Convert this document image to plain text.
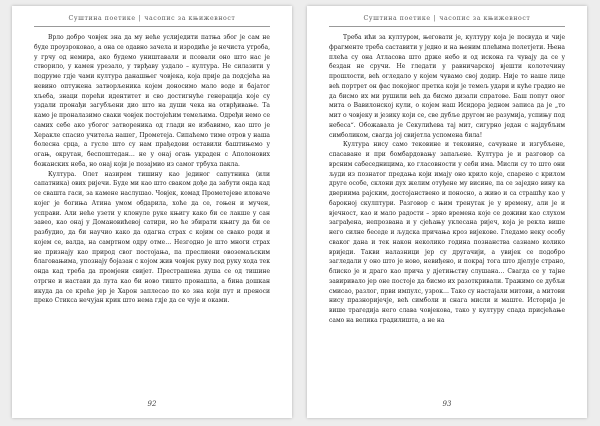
Суштина поетике | часопис за књижевност

Врло добро човјек зна да му неће услиједити патња због је сам не буде проузроковао, а она се одавно зачела и изродиће је нечиста утроба, у грчу од немира, ако будемо уништавали и псовали оно што нас је створило, у камен урезало, у тврђаву уздало – култура. Не силазити у подруме гдје чами култура данашњег човјека, која прије да подсјећа на невино оптужена затворљеника којем доносимо мало воде и бајатог хљеба, знаци порећи идентитет и сво достигнуће генерација које су уздали пронађи загубљени дио што на души чека на отврђивање. Та камо је проналазимо сваки човјек постојећим темељима. Одређи немо се самих себе ако убогог затвореника од глади не избавимо, као што је Херакле спасио учитеља нашег, Прометеја. Сипаћемо тиме отров у наша болесна срца, а гусле што су нам прађедови оставили баштињемо у огањ, окрутан, беспоштедан… не у онај огањ украден с Аполонових божанских неба, но онај који је позајмио из самог трбуха пакла.

Култура. Олет назирем тишину као јединог сапутника (или сапатника) ових ријечи. Буде ми као што сваком дође да забути онда кад се свашта гаси, за камене наслушао. Човјек, комад Прометејеве иловаче којег је богиња Атина умом обдарила, хоће да се, гоњен и мучен, усправи. Али неће узети у клонуле руке књигу како би се лакше у сан завео, као онај у Домановићевој сатири, но ће збирати књигу да би се разбудио, да би научио како да одагна страх с којим се свако роди и којем се, валда, на самртном одру отме… Незгодно је што многи страх не признају као природ свог постојања, па преслиени овоземаљским благовањима, упознају бојазан с којом жив човјек руку под руку хода тек онда кад треба да промјени свијет. Престрашена душа се од тишине отргне и настави да лута као би ново тишто пронашла, а бина дошкан икуда да се креће јер је Харон заплесао по ко зна који пут и преноси преко Стикса нечујан крик што нема гдје да се чује и оками.

92
Суштина поетике | часопис за књижевност

Треба ићи за културом, његовати је, културу која је посвуда и чије фрагменте треба саставити у једно и на њеним плећима полетјети. Њена плећа су она Атласова што држе небо и од искона га чувају да се у бездан не сручи. Не гледати у равничарској вјешти колотечину прошлости, већ огледало у којем чувамо свој додир. Није то наше лице већ портрет он фас покојног претка који је темељ удари и куће градио не да бисмо их ми рушили већ да бисмо дизали спратове. Баш попут оног мита о Вавилонској кули, о којем наш Исидора једном записа да је „то мит о човјеку и језику који се, све дубље другом не разумија, успињу под небеса“. Обожавала је Секулићева тај мит, сигурно један с најдубљим симболиком, свагда јој свијетла успомена била!

Култура нису само тековине и тековине, сачуване и изгубљене, спасаване и при бомбардовању запаљене. Култура је и разговор са врсним сабеседницима, ко гласовности у себи има. Мисли су то што они људи из познатог предања који имају оно крило које, спарено с крилом друге особе, склони дух желим отуђене му висине, па се заједно вину ка двериима рајским, достојанствено и поносно, а живо и са страшћу као у барокној скулптури. Разговор с њим тренутак је у времену, али је и вјечност, као и мало радости – зрно времена које се доживи као слухом заграђена, непрозвана и у сјећању уклесана ријеч, која је рекла више него силне беседе и људска причања кроз вијекове. Гледамо неку особу сваког дана и тек након неколико година познанства сазнамо колико вриједи. Такви налазници јер су другачији, а увијек се подобро загледали у оно што је ново, невиђено, и покрај тога што дјелује странo, блиско је и драго као прича у дјетињству слушана… Свагда се у тајне завиривало јер оне постоје да бисмо их разоткривали. Тражимо се дубљи смисао, разлог, први импулс, узрок… Тако су настајали митови, а митови нису празноријечје, већ симболи и снага мисли и маште. Историја је више трагедија него слава човјекова, тако у културу спада присјећање само на велика градилишта, а не на

93
